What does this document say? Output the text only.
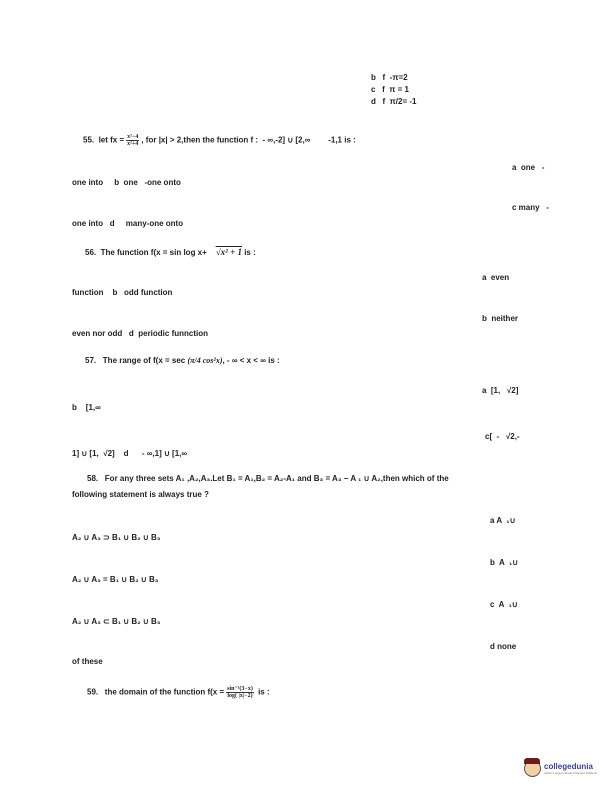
b   f  -π=2
c   f  π = 1
d   f  π/2= -1
55.  let fx = $\frac{\text{x²−4}}{\text{x²+4}}$ , for |x| > 2,then the function f :  - ∞,-2] ∪ [2,∞        -1,1 is :
a  one   -
one into     b  one   -one onto
c many   -
one into   d     many-one onto
56.  The function f(x = sin log x+ √x² + 1 is :
a  even
function    b   odd function
b  neither
even nor odd   d  periodic funnction
57.   The range of f(x = sec (π/4 cos²x), - ∞ < x < ∞ is :
a  [1,   √2]
b    [1,∞
c[  -   √2,-
1] ∪ [1,  √2]    d      - ∞,1] ∪ [1,∞
58.   For any three sets A₁ ,A₂,A₃.Let B₁ = A₁,B₂ = A₂-A₁ and B₃ = A₃ − A ₁ ∪ A₂,then which of the
following statement is always true ?
a A  ₁∪
A₂ ∪ A₃ ⊃ B₁ ∪ B₂ ∪ B₃
b  A  ₁∪
A₂ ∪ A₃ = B₁ ∪ B₂ ∪ B₃
c  A  ₁∪
A₂ ∪ A₃ ⊂ B₁ ∪ B₂ ∪ B₃
d none
of these
59.   the domain of the function $f(x = \frac{\text{sin⁻¹(3−x)}}{\log( |x|-2)}$ is :
collegedunia
India's Largest Student Review Platform
